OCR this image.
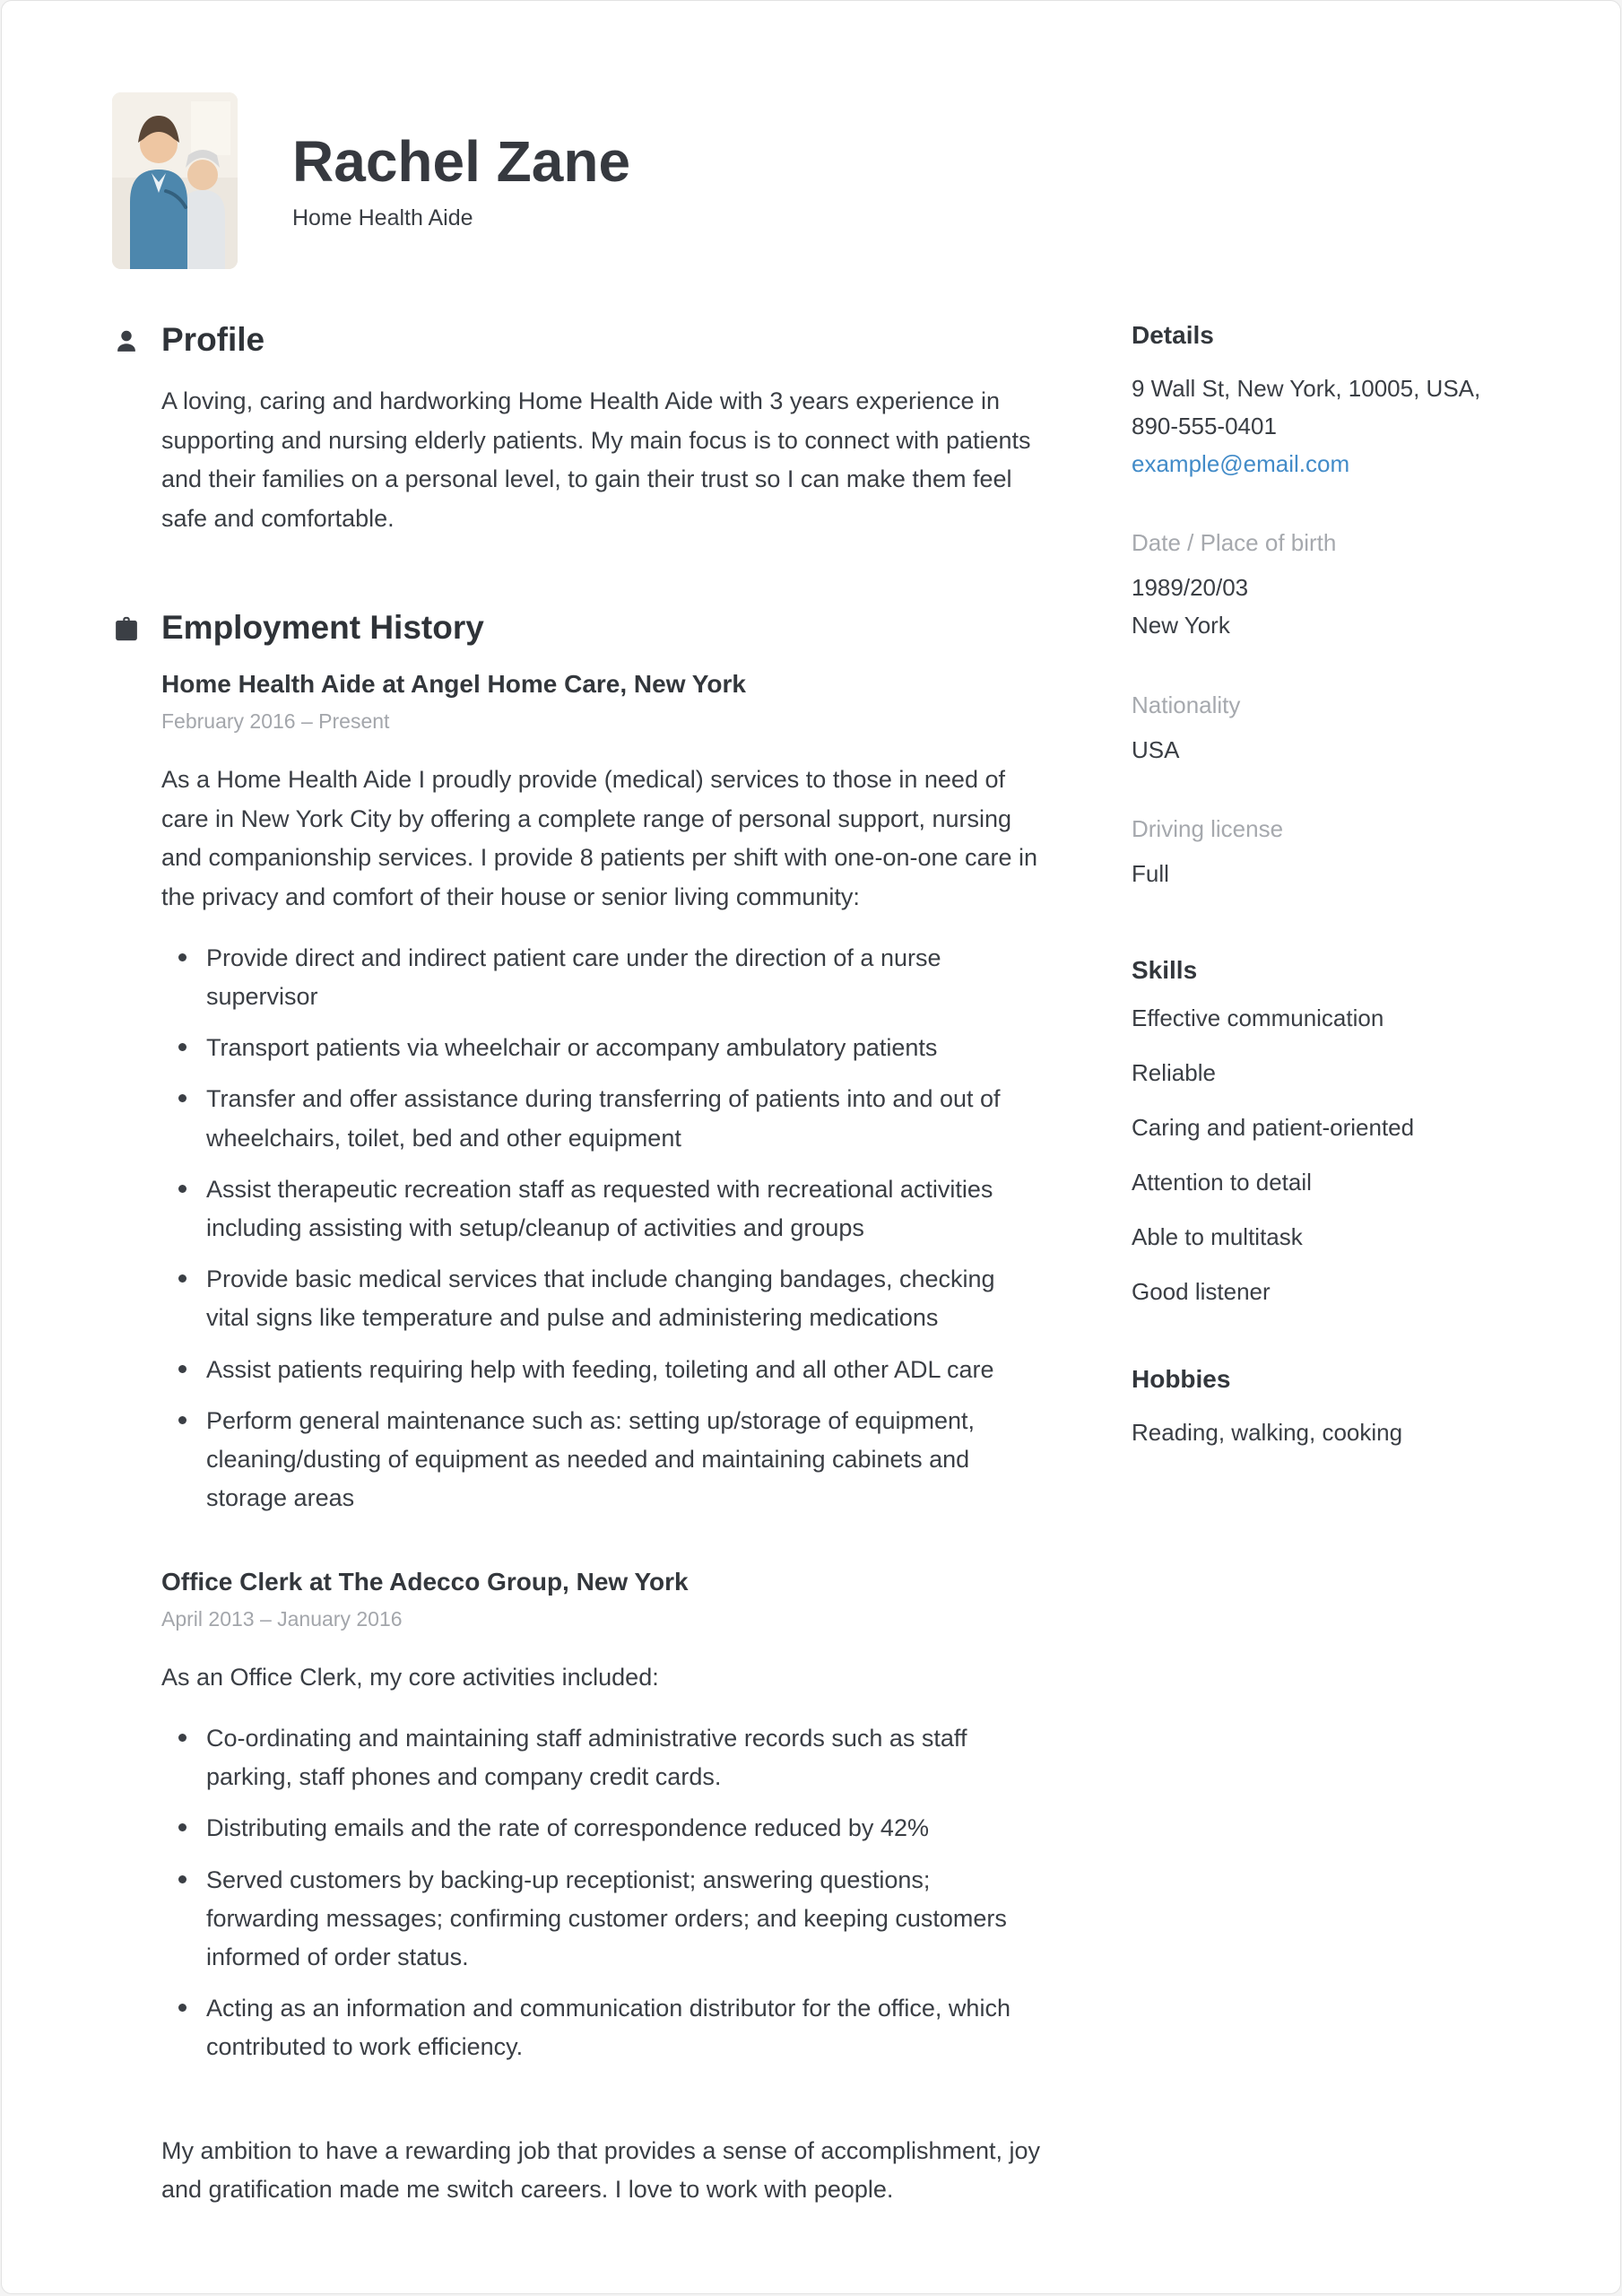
Rachel Zane
Home Health Aide
Profile

A loving, caring and hardworking Home Health Aide with 3 years experience in supporting and nursing elderly patients. My main focus is to connect with patients and their families on a personal level, to gain their trust so I can make them feel safe and comfortable.

Employment History
Home Health Aide at Angel Home Care, New York
February 2016 – Present

As a Home Health Aide I proudly provide (medical) services to those in need of care in New York City by offering a complete range of personal support, nursing and companionship services. I provide 8 patients per shift with one-on-one care in the privacy and comfort of their house or senior living community:

Provide direct and indirect patient care under the direction of a nurse supervisor
Transport patients via wheelchair or accompany ambulatory patients
Transfer and offer assistance during transferring of patients into and out of wheelchairs, toilet, bed and other equipment
Assist therapeutic recreation staff as requested with recreational activities including assisting with setup/cleanup of activities and groups
Provide basic medical services that include changing bandages, checking vital signs like temperature and pulse and administering medications
Assist patients requiring help with feeding, toileting and all other ADL care
Perform general maintenance such as: setting up/storage of equipment, cleaning/dusting of equipment as needed and maintaining cabinets and storage areas
Office Clerk at The Adecco Group, New York
April 2013 – January 2016

As an Office Clerk, my core activities included:

Co-ordinating and maintaining staff administrative records such as staff parking, staff phones and company credit cards.
Distributing emails and the rate of correspondence reduced by 42%
Served customers by backing-up receptionist; answering questions; forwarding messages; confirming customer orders; and keeping customers informed of order status.
Acting as an information and communication distributor for the office, which contributed to work efficiency.

My ambition to have a rewarding job that provides a sense of accomplishment, joy and gratification made me switch careers. I love to work with people.

Details

9 Wall St, New York, 10005, USA,

890-555-0401

example@email.com

Date / Place of birth

1989/20/03

New York

Nationality

USA

Driving license

Full

Skills
Effective communication
Reliable
Caring and patient-oriented
Attention to detail
Able to multitask
Good listener
Hobbies

Reading, walking, cooking
